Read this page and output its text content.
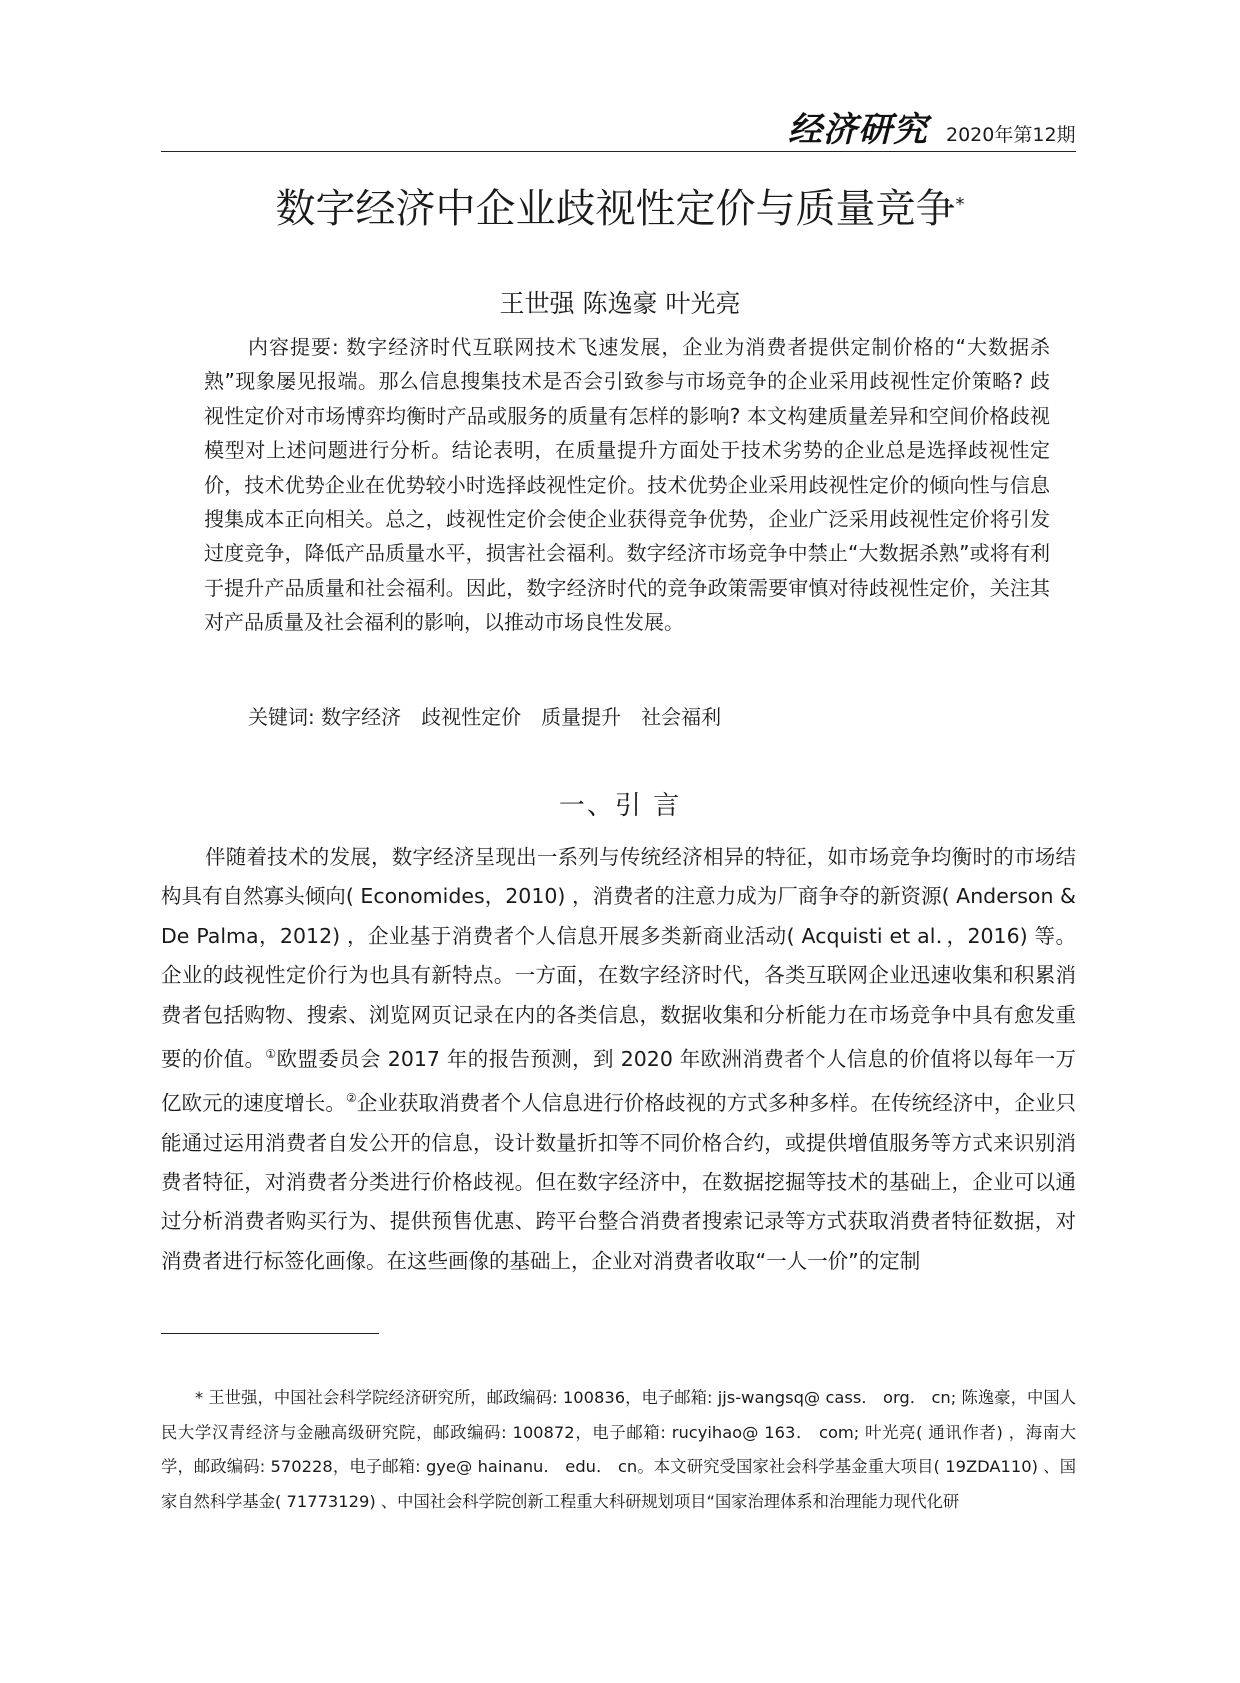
经济研究 2020年第12期
数字经济中企业歧视性定价与质量竞争*
王世强 陈逸豪 叶光亮

内容提要: 数字经济时代互联网技术飞速发展，企业为消费者提供定制价格的“大数据杀熟”现象屡见报端。那么信息搜集技术是否会引致参与市场竞争的企业采用歧视性定价策略? 歧视性定价对市场博弈均衡时产品或服务的质量有怎样的影响? 本文构建质量差异和空间价格歧视模型对上述问题进行分析。结论表明，在质量提升方面处于技术劣势的企业总是选择歧视性定价，技术优势企业在优势较小时选择歧视性定价。技术优势企业采用歧视性定价的倾向性与信息搜集成本正向相关。总之，歧视性定价会使企业获得竞争优势，企业广泛采用歧视性定价将引发过度竞争，降低产品质量水平，损害社会福利。数字经济市场竞争中禁止“大数据杀熟”或将有利于提升产品质量和社会福利。因此，数字经济时代的竞争政策需要审慎对待歧视性定价，关注其对产品质量及社会福利的影响，以推动市场良性发展。

关键词: 数字经济 歧视性定价 质量提升 社会福利
一、引 言

伴随着技术的发展，数字经济呈现出一系列与传统经济相异的特征，如市场竞争均衡时的市场结构具有自然寡头倾向( Economides，2010) ，消费者的注意力成为厂商争夺的新资源( Anderson & De Palma，2012) ，企业基于消费者个人信息开展多类新商业活动( Acquisti et al．，2016) 等。企业的歧视性定价行为也具有新特点。一方面，在数字经济时代，各类互联网企业迅速收集和积累消费者包括购物、搜索、浏览网页记录在内的各类信息，数据收集和分析能力在市场竞争中具有愈发重要的价值。①欧盟委员会 2017 年的报告预测，到 2020 年欧洲消费者个人信息的价值将以每年一万亿欧元的速度增长。②企业获取消费者个人信息进行价格歧视的方式多种多样。在传统经济中，企业只能通过运用消费者自发公开的信息，设计数量折扣等不同价格合约，或提供增值服务等方式来识别消费者特征，对消费者分类进行价格歧视。但在数字经济中，在数据挖掘等技术的基础上，企业可以通过分析消费者购买行为、提供预售优惠、跨平台整合消费者搜索记录等方式获取消费者特征数据，对消费者进行标签化画像。在这些画像的基础上，企业对消费者收取“一人一价”的定制

* 王世强，中国社会科学院经济研究所，邮政编码: 100836，电子邮箱: jjs-wangsq@ cass． org． cn; 陈逸豪，中国人民大学汉青经济与金融高级研究院，邮政编码: 100872，电子邮箱: rucyihao@ 163． com; 叶光亮( 通讯作者) ，海南大学，邮政编码: 570228，电子邮箱: gye@ hainanu． edu． cn。本文研究受国家社会科学基金重大项目( 19ZDA110) 、国家自然科学基金( 71773129) 、中国社会科学院创新工程重大科研规划项目“国家治理体系和治理能力现代化研
